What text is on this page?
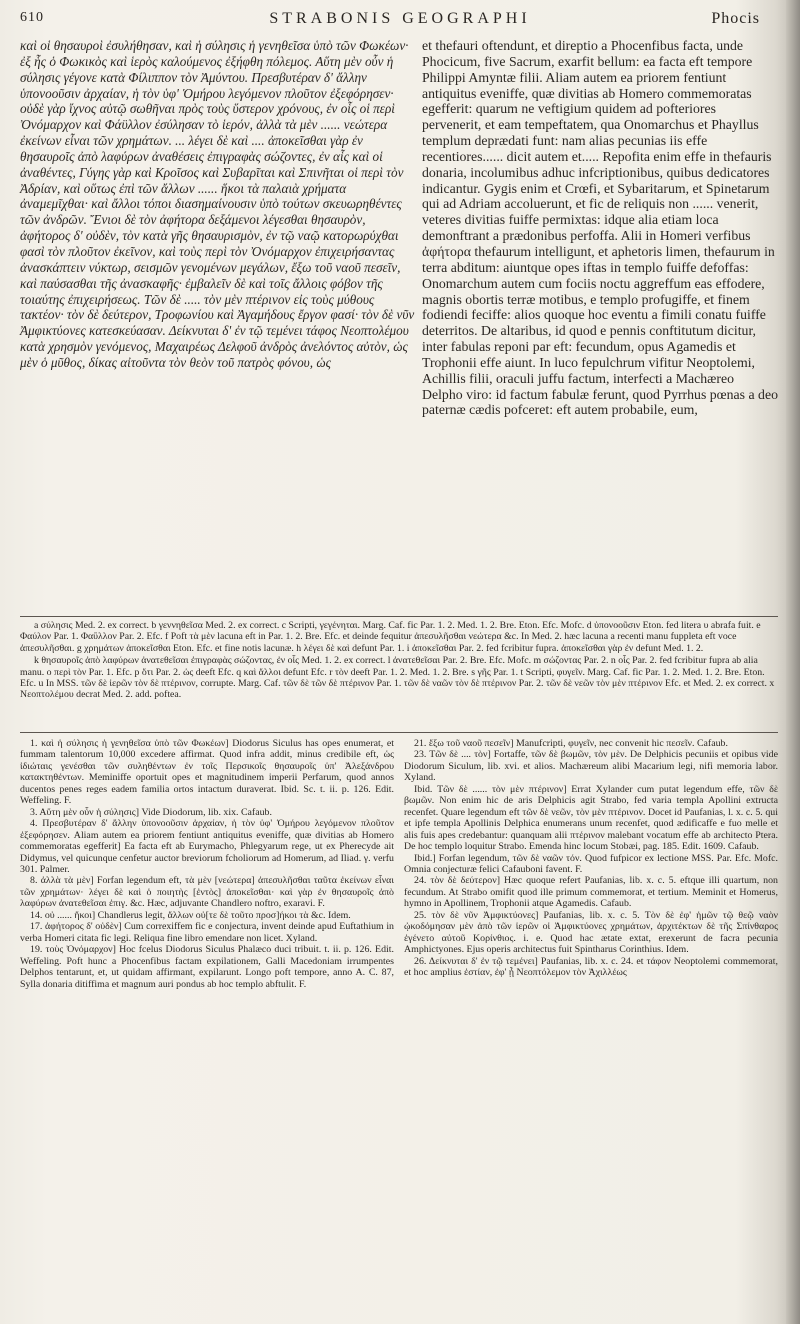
610	STRABONIS GEOGRAPHI	Phocis
καὶ οἱ θησαυροὶ ἐσυλήθησαν, καὶ ἡ σύλησις ἡ γενηθεῖσα ὑπὸ τῶν Φωκέων· ἐξ ἧς ὁ Φωκικὸς καὶ ἱερὸς καλούμενος ἐξήφθη πόλεμος. Αὕτη μὲν οὖν ἡ σύλησις γέγονε κατὰ Φίλιππον τὸν Ἀμύντου. Πρεσβυτέραν δ' ἄλλην ὑπονοοῦσιν ἀρχαίαν, ἡ τὸν ὑφ' Ὁμήρου λεγόμενον πλοῦτον ἐξεφόρησεν· οὐδὲ γὰρ ἴχνος αὐτῷ σωθῆναι πρὸς τοὺς ὕστερον χρόνους, ἐν οἷς οἱ περὶ Ὀνόμαρχον καὶ Φάϋλλον ἐσύλησαν τὸ ἱερόν, ἀλλὰ τὰ μὲν ...... νεώτερα ἐκείνων εἶναι τῶν χρημάτων. ... λέγει δὲ καὶ .... ἀποκεῖσθαι γὰρ ἐν θησαυροῖς ἀπὸ λαφύρων ἀναθέσεις ἐπιγραφὰς σώζοντες, ἐν αἷς καὶ οἱ ἀναθέντες, Γύγης γὰρ καὶ Κροῖσος καὶ Συβαρῖται καὶ Σπινῆται οἱ περὶ τὸν Ἀδρίαν, καὶ οὕτως ἐπὶ τῶν ἄλλων ...... ἥκοι τὰ παλαιὰ χρήματα ἀναμεμῖχθαι· καὶ ἄλλοι τόποι διασημαίνουσιν ὑπὸ τούτων σκευωρηθέντες τῶν ἀνδρῶν. Ἔνιοι δὲ τὸν ἀφήτορα δεξάμενοι λέγεσθαι θησαυρὸν, ἀφήτορος δ' οὐδὲν, τὸν κατὰ γῆς θησαυρισμὸν, ἐν τῷ ναῷ κατορωρύχθαι φασὶ τὸν πλοῦτον ἐκεῖνον, καὶ τοὺς περὶ τὸν Ὀνόμαρχον ἐπιχειρήσαντας ἀνασκάπτειν νύκτωρ, σεισμῶν γενομένων μεγάλων, ἔξω τοῦ ναοῦ πεσεῖν, καὶ παύσασθαι τῆς ἀνασκαφῆς· ἐμβαλεῖν δὲ καὶ τοῖς ἄλλοις φόβον τῆς τοιαύτης ἐπιχειρήσεως. Τῶν δὲ ..... τὸν μὲν πτέρινον εἰς τοὺς μύθους τακτέον· τὸν δὲ δεύτερον, Τροφωνίου καὶ Ἀγαμήδους ἔργον φασί· τὸν δὲ νῦν Ἀμφικτύονες κατεσκεύασαν. Δείκνυται δ' ἐν τῷ τεμένει τάφος Νεοπτολέμου κατὰ χρησμὸν γενόμενος, Μαχαιρέως Δελφοῦ ἀνδρὸς ἀνελόντος αὐτὸν, ὡς μὲν ὁ μῦθος, δίκας αἰτοῦντα τὸν θεὸν τοῦ πατρὸς φόνου, ὡς
et thefauri oftendunt, et direptio a Phocenfibus facta, unde Phocicum, five Sacrum, exarfit bellum: ea facta eft tempore Philippi Amyntæ filii. Aliam autem ea priorem fentiunt antiquitus eveniffe, quæ divitias ab Homero commemoratas egefferit: quarum ne veftigium quidem ad pofteriores pervenerit, et eam tempeftatem, qua Onomarchus et Phayllus templum deprædati funt: nam alias pecunias iis effe recentiores...... dicit autem et..... Repofita enim effe in thefauris donaria, incolumibus adhuc infcriptionibus, quibus dedicatores indicantur. Gygis enim et Crœfi, et Sybaritarum, et Spinetarum qui ad Adriam accoluerunt, et fic de reliquis non ...... venerit, veteres divitias fuiffe permixtas: idque alia etiam loca demonftrant a prædonibus perfoffa. Alii in Homeri verfibus ἀφήτορα thefaurum intelligunt, et aphetoris limen, thefaurum in terra abditum: aiuntque opes iftas in templo fuiffe defoffas: Onomarchum autem cum fociis noctu aggreffum eas effodere, magnis obortis terræ motibus, e templo profugiffe, et finem fodiendi feciffe: alios quoque hoc eventu a fimili conatu fuiffe deterritos. De altaribus, id quod e pennis conftitutum dicitur, inter fabulas reponi par eft: fecundum, opus Agamedis et Trophonii effe aiunt. In luco fepulchrum vifitur Neoptolemi, Achillis filii, oraculi juffu factum, interfecti a Machæreo Delpho viro: id factum fabulæ ferunt, quod Pyrrhus pœnas a deo paternæ cædis pofceret: eft autem probabile, eum,

a σύλησις Med. 2. ex correct. b γεννηθεῖσα Med. 2. ex correct. c Scripti, γεγένηται. Marg. Caf. fic Par. 1. 2. Med. 1. 2. Bre. Eton. Efc. Mofc. d ὑπονοοῦσιν Eton. fed litera υ abrafa fuit. e Φαύλον Par. 1. Φαΰλλον Par. 2. Efc. f Poft τὰ μὲν lacuna eft in Par. 1. 2. Bre. Efc. et deinde fequitur ἀπεσυλῆσθαι νεώτερα &c. In Med. 2. hæc lacuna a recenti manu fuppleta eft voce ἀπεσυλῆσθαι. g χρημάτων ἀποκεῖσθαι Eton. Efc. et fine notis lacunæ. h λέγει δὲ καὶ defunt Par. 1. i ἀποκεῖσθαι Par. 2. fed fcribitur fupra. ἀποκεῖσθαι γὰρ ἐν defunt Med. 1. 2.

k θησαυροῖς ἀπὸ λαφύρων ἀνατεθεῖσαι ἐπιγραφὰς σώζοντας, ἐν οἷς Med. 1. 2. ex correct. l ἀνατεθεῖσαι Par. 2. Bre. Efc. Mofc. m σώζοντας Par. 2. n οἷς Par. 2. fed fcribitur fupra ab alia manu. o περὶ τὸν Par. 1. Efc. p ὅτι Par. 2. ὡς deeft Efc. q καὶ ἄλλοι defunt Efc. r τὸν deeft Par. 1. 2. Med. 1. 2. Bre. s γῆς Par. 1. t Scripti, φυγεῖν. Marg. Caf. fic Par. 1. 2. Med. 1. 2. Bre. Eton. Efc. u In MSS. τῶν δὲ ἱερῶν τὸν δὲ πτέρινον, corrupte. Marg. Caf. τῶν δὲ τῶν δὲ πτέρινον Par. 1. τῶν δὲ ναῶν τὸν δὲ πτέρινον Par. 2. τῶν δὲ νεῶν τὸν μὲν πτέρινον Efc. et Med. 2. ex correct. x Νεοπτολέμου decrat Med. 2. add. poftea.

1. καὶ ἡ σύλησις ἡ γενηθεῖσα ὑπὸ τῶν Φωκέων] Diodorus Siculus has opes enumerat, et fummam talentorum 10,000 excedere affirmat. Quod infra addit, minus credibile eft, ὡς ἰδιώταις γενέσθαι τῶν συληθέντων ἐν τοῖς Περσικοῖς θησαυροῖς ὑπ' Ἀλεξάνδρου κατακτηθέντων. Meminiffe oportuit opes et magnitudinem imperii Perfarum, quod annos ducentos penes reges eadem familia ortos intactum duraverat. Ibid. Sc. t. ii. p. 126. Edit. Weffeling. F.

3. Αὕτη μὲν οὖν ἡ σύλησις] Vide Diodorum, lib. xix. Cafaub.

4. Πρεσβυτέραν δ' ἄλλην ὑπονοοῦσιν ἀρχαίαν, ἡ τὸν ὑφ' Ὁμήρου λεγόμενον πλοῦτον ἐξεφόρησεν. Aliam autem ea priorem fentiunt antiquitus eveniffe, quæ divitias ab Homero commemoratas egefferit] Ea facta eft ab Eurymacho, Phlegyarum rege, ut ex Pherecyde ait Didymus, vel quicunque cenfetur auctor breviorum fcholiorum ad Homerum, ad Iliad. γ. verfu 301. Palmer.

8. ἀλλὰ τὰ μὲν] Forfan legendum eft, τὰ μὲν [νεώτερα] ἀπεσυλῆσθαι ταῦτα ἐκείνων εἶναι τῶν χρημάτων· λέγει δὲ καὶ ὁ ποιητὴς [ἐντὸς] ἀποκεῖσθαι· καὶ γὰρ ἐν θησαυροῖς ἀπὸ λαφύρων ἀνατεθεῖσαι ἐπιγ. &c. Hæc, adjuvante Chandlero noftro, exaravi. F.

14. οὐ ...... ἥκοι] Chandlerus legit, ἄλλων οὐ[τε δὲ τοῦτο προσ]ήκοι τὰ &c. Idem.

17. ἀφήτορος δ' οὐδὲν] Cum correxiffem fic e conjectura, invent deinde apud Euftathium in verba Homeri citata fic legi. Reliqua fine libro emendare non licet. Xyland.

19. τοὺς Ὀνόμαρχον] Hoc fcelus Diodorus Siculus Phalæco duci tribuit. t. ii. p. 126. Edit. Weffeling. Poft hunc a Phocenfibus factam expilationem, Galli Macedoniam irrumpentes Delphos tentarunt, et, ut quidam affirmant, expilarunt. Longo poft tempore, anno A. C. 87, Sylla donaria ditiffima et magnum auri pondus ab hoc templo abftulit. F.

21. ἔξω τοῦ ναοῦ πεσεῖν] Manufcripti, φυγεῖν, nec convenit hic πεσεῖν. Cafaub.

23. Τῶν δὲ .... τὸν] Fortaffe, τῶν δὲ βωμῶν, τὸν μὲν. De Delphicis pecuniis et opibus vide Diodorum Siculum, lib. xvi. et alios. Machæreum alibi Macarium legi, nifi memoria labor. Xyland.

Ibid. Τῶν δὲ ...... τὸν μὲν πτέρινον] Errat Xylander cum putat legendum effe, τῶν δὲ βωμῶν. Non enim hic de aris Delphicis agit Strabo, fed varia templa Apollini extructa recenfet. Quare legendum eft τῶν δὲ νεῶν, τὸν μὲν πτέρινον. Docet id Paufanias, l. x. c. 5. qui et ipfe templa Apollinis Delphica enumerans unum recenfet, quod ædificaffe e fuo melle et alis fuis apes credebantur: quanquam alii πτέρινον malebant vocatum effe ab architecto Ptera. De hoc templo loquitur Strabo. Emenda hinc locum Stobæi, pag. 185. Edit. 1609. Cafaub.

Ibid.] Forfan legendum, τῶν δὲ ναῶν τόν. Quod fufpicor ex lectione MSS. Par. Efc. Mofc. Omnia conjecturæ felici Cafauboni favent. F.

24. τὸν δὲ δεύτερον] Hæc quoque refert Paufanias, lib. x. c. 5. eftque illi quartum, non fecundum. At Strabo omifit quod ille primum commemorat, et tertium. Meminit et Homerus, hymno in Apollinem, Trophonii atque Agamedis. Cafaub.

25. τὸν δὲ νῦν Ἀμφικτύονες] Paufanias, lib. x. c. 5. Τὸν δὲ ἐφ' ἡμῶν τῷ θεῷ ναὸν ᾠκοδόμησαν μὲν ἀπὸ τῶν ἱερῶν οἱ Ἀμφικτύονες χρημάτων, ἀρχιτέκτων δὲ τῆς Σπίνθαρος ἐγένετο αὐτοῦ Κορίνθιος. i. e. Quod hac ætate extat, erexerunt de facra pecunia Amphictyones. Ejus operis architectus fuit Spintharus Corinthius. Idem.

26. Δείκνυται δ' ἐν τῷ τεμένει] Paufanias, lib. x. c. 24. et τάφον Neoptolemi commemorat, et hoc amplius ἐστίαν, ἐφ' ᾗ Νεοπτόλεμον τὸν Ἀχιλλέως
